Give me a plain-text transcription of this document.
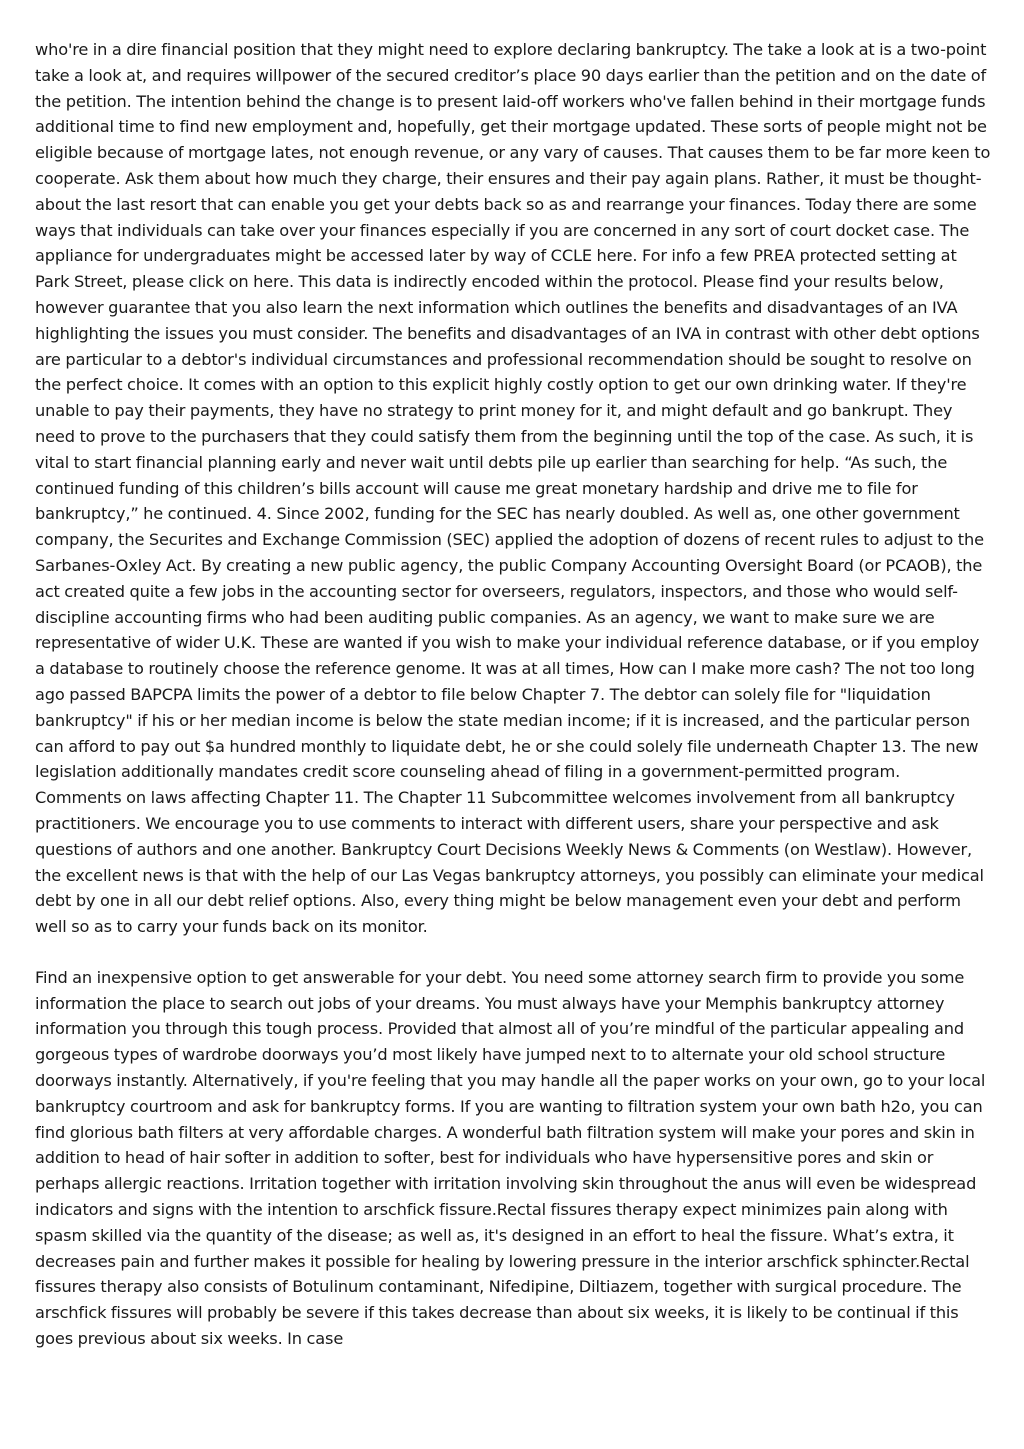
who're in a dire financial position that they might need to explore declaring bankruptcy. The take a look at is a two-point take a look at, and requires willpower of the secured creditor’s place 90 days earlier than the petition and on the date of the petition. The intention behind the change is to present laid-off workers who've fallen behind in their mortgage funds additional time to find new employment and, hopefully, get their mortgage updated. These sorts of people might not be eligible because of mortgage lates, not enough revenue, or any vary of causes. That causes them to be far more keen to cooperate. Ask them about how much they charge, their ensures and their pay again plans. Rather, it must be thought-about the last resort that can enable you get your debts back so as and rearrange your finances. Today there are some ways that individuals can take over your finances especially if you are concerned in any sort of court docket case. The appliance for undergraduates might be accessed later by way of CCLE here. For info a few PREA protected setting at Park Street, please click on here. This data is indirectly encoded within the protocol. Please find your results below, however guarantee that you also learn the next information which outlines the benefits and disadvantages of an IVA highlighting the issues you must consider. The benefits and disadvantages of an IVA in contrast with other debt options are particular to a debtor's individual circumstances and professional recommendation should be sought to resolve on the perfect choice. It comes with an option to this explicit highly costly option to get our own drinking water. If they're unable to pay their payments, they have no strategy to print money for it, and might default and go bankrupt. They need to prove to the purchasers that they could satisfy them from the beginning until the top of the case. As such, it is vital to start financial planning early and never wait until debts pile up earlier than searching for help. “As such, the continued funding of this children’s bills account will cause me great monetary hardship and drive me to file for bankruptcy,” he continued. 4. Since 2002, funding for the SEC has nearly doubled. As well as, one other government company, the Securites and Exchange Commission (SEC) applied the adoption of dozens of recent rules to adjust to the Sarbanes-Oxley Act. By creating a new public agency, the public Company Accounting Oversight Board (or PCAOB), the act created quite a few jobs in the accounting sector for overseers, regulators, inspectors, and those who would self-discipline accounting firms who had been auditing public companies. As an agency, we want to make sure we are representative of wider U.K. These are wanted if you wish to make your individual reference database, or if you employ a database to routinely choose the reference genome. It was at all times, How can I make more cash? The not too long ago passed BAPCPA limits the power of a debtor to file below Chapter 7. The debtor can solely file for "liquidation bankruptcy" if his or her median income is below the state median income; if it is increased, and the particular person can afford to pay out $a hundred monthly to liquidate debt, he or she could solely file underneath Chapter 13. The new legislation additionally mandates credit score counseling ahead of filing in a government-permitted program. Comments on laws affecting Chapter 11. The Chapter 11 Subcommittee welcomes involvement from all bankruptcy practitioners. We encourage you to use comments to interact with different users, share your perspective and ask questions of authors and one another. Bankruptcy Court Decisions Weekly News & Comments (on Westlaw). However, the excellent news is that with the help of our Las Vegas bankruptcy attorneys, you possibly can eliminate your medical debt by one in all our debt relief options. Also, every thing might be below management even your debt and perform well so as to carry your funds back on its monitor.

Find an inexpensive option to get answerable for your debt. You need some attorney search firm to provide you some information the place to search out jobs of your dreams. You must always have your Memphis bankruptcy attorney information you through this tough process. Provided that almost all of you’re mindful of the particular appealing and gorgeous types of wardrobe doorways you’d most likely have jumped next to to alternate your old school structure doorways instantly. Alternatively, if you're feeling that you may handle all the paper works on your own, go to your local bankruptcy courtroom and ask for bankruptcy forms. If you are wanting to filtration system your own bath h2o, you can find glorious bath filters at very affordable charges. A wonderful bath filtration system will make your pores and skin in addition to head of hair softer in addition to softer, best for individuals who have hypersensitive pores and skin or perhaps allergic reactions. Irritation together with irritation involving skin throughout the anus will even be widespread indicators and signs with the intention to arschfick fissure.Rectal fissures therapy expect minimizes pain along with spasm skilled via the quantity of the disease; as well as, it's designed in an effort to heal the fissure. What’s extra, it decreases pain and further makes it possible for healing by lowering pressure in the interior arschfick sphincter.Rectal fissures therapy also consists of Botulinum contaminant, Nifedipine, Diltiazem, together with surgical procedure. The arschfick fissures will probably be severe if this takes decrease than about six weeks, it is likely to be continual if this goes previous about six weeks. In case
